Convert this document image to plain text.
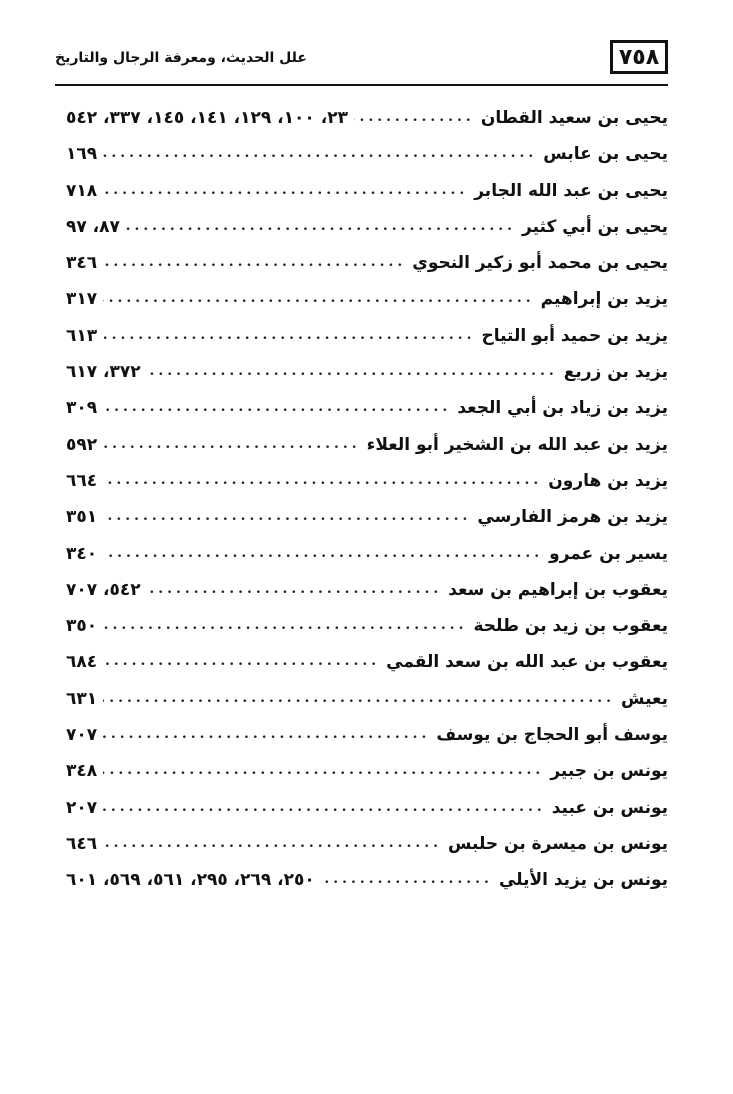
٧٥٨
علل الحديث، ومعرفة الرجال والتاريخ
يحيى بن سعيد القطان
.....
٢٣، ١٠٠، ١٢٩، ١٤١، ١٤٥، ٣٣٧، ٥٤٢
يحيى بن عابس
.....
١٦٩
يحيى بن عبد الله الجابر
.....
٧١٨
يحيى بن أبي كثير
.....
٨٧، ٩٧
يحيى بن محمد أبو زكير النحوي
.....
٣٤٦
يزيد بن إبراهيم
.....
٣١٧
يزيد بن حميد أبو التياح
.....
٦١٣
يزيد بن زريع
.....
٣٧٢، ٦١٧
يزيد بن زياد بن أبي الجعد
.....
٣٠٩
يزيد بن عبد الله بن الشخير أبو العلاء
.....
٥٩٢
يزيد بن هارون
.....
٦٦٤
يزيد بن هرمز الفارسي
.....
٣٥١
يسير بن عمرو
.....
٣٤٠
يعقوب بن إبراهيم بن سعد
.....
٥٤٢، ٧٠٧
يعقوب بن زيد بن طلحة
.....
٣٥٠
يعقوب بن عبد الله بن سعد القمي
.....
٦٨٤
يعيش
.....
٦٣١
يوسف أبو الحجاج بن يوسف
.....
٧٠٧
يونس بن جبير
.....
٣٤٨
يونس بن عبيد
.....
٢٠٧
يونس بن ميسرة بن حلبس
.....
٦٤٦
يونس بن يزيد الأيلي
.....
٢٥٠، ٢٦٩، ٢٩٥، ٥٦١، ٥٦٩، ٦٠١
